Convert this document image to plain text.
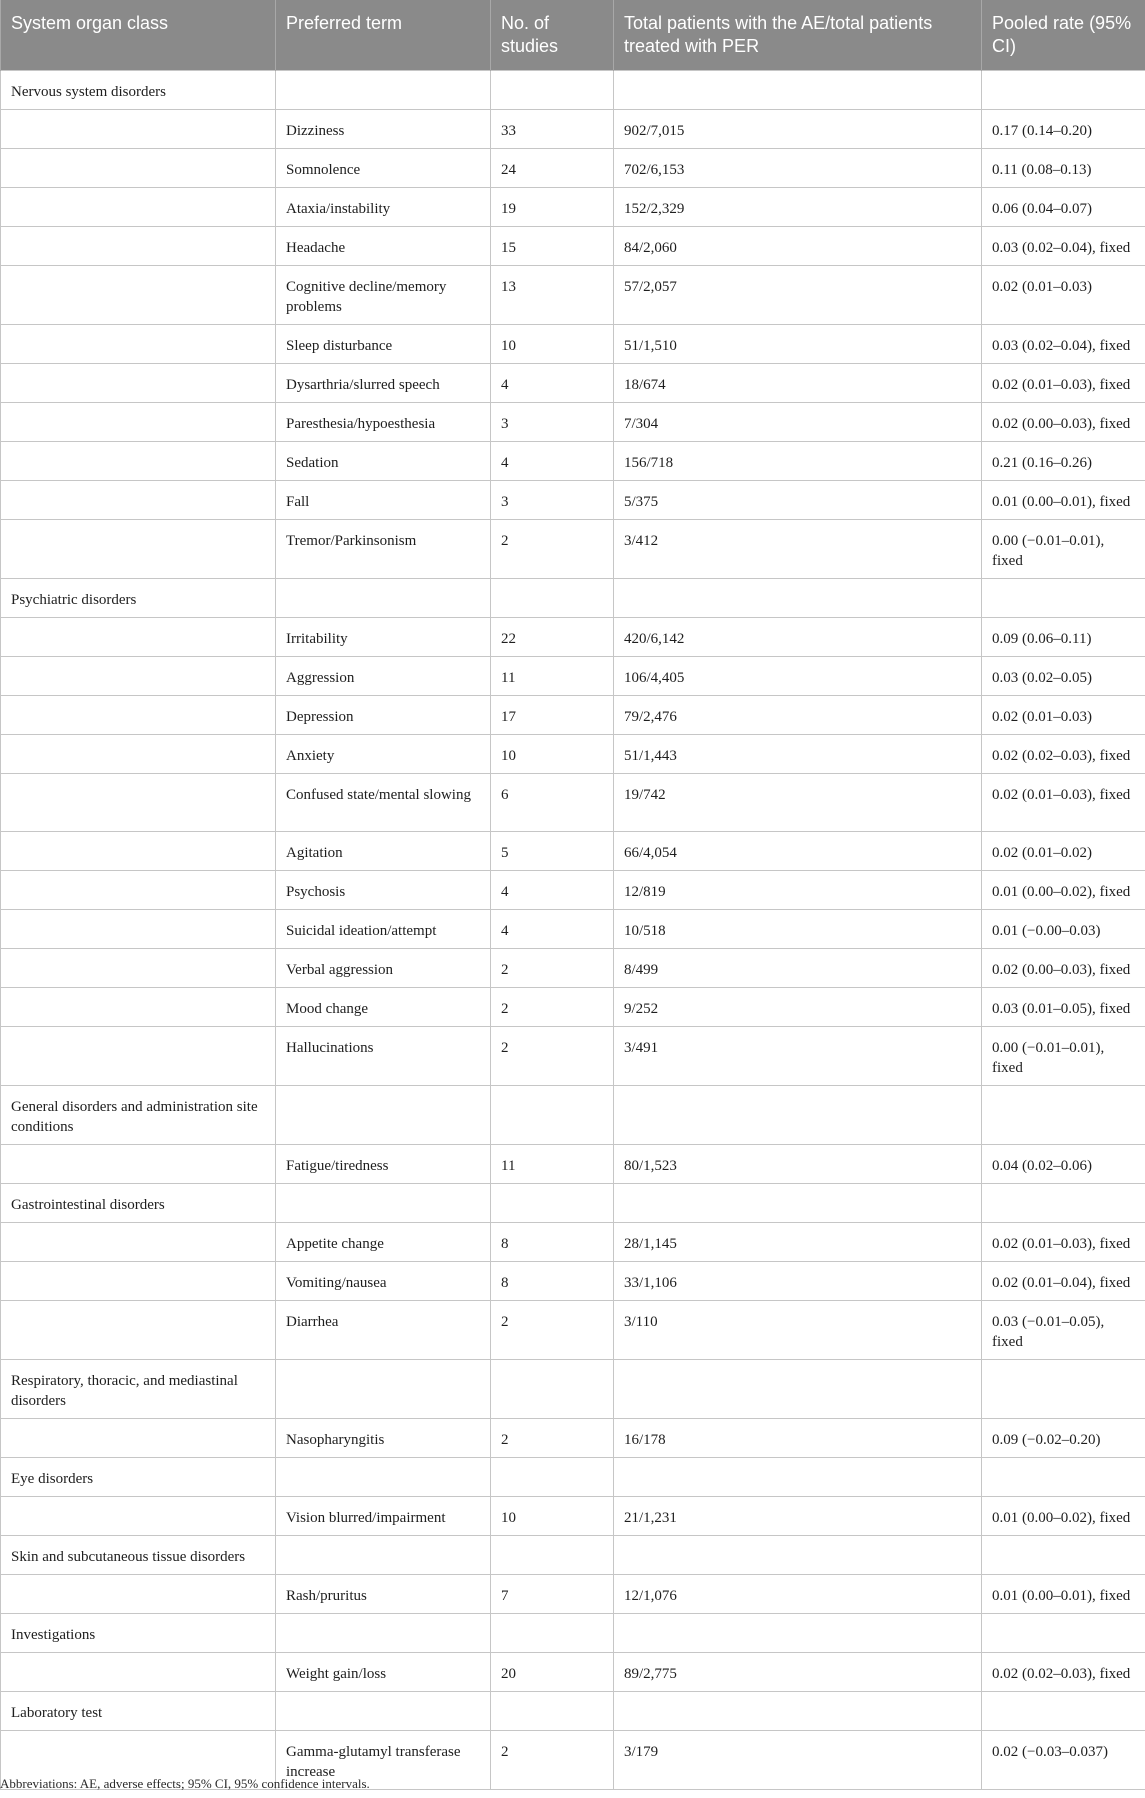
System organ class	Preferred term	No. of studies	Total patients with the AE/total patients treated with PER	Pooled rate (95% CI)
Nervous system disorders				
	Dizziness	33	902/7,015	0.17 (0.14–0.20)
	Somnolence	24	702/6,153	0.11 (0.08–0.13)
	Ataxia/instability	19	152/2,329	0.06 (0.04–0.07)
	Headache	15	84/2,060	0.03 (0.02–0.04), fixed
	Cognitive decline/memory problems	13	57/2,057	0.02 (0.01–0.03)
	Sleep disturbance	10	51/1,510	0.03 (0.02–0.04), fixed
	Dysarthria/slurred speech	4	18/674	0.02 (0.01–0.03), fixed
	Paresthesia/hypoesthesia	3	7/304	0.02 (0.00–0.03), fixed
	Sedation	4	156/718	0.21 (0.16–0.26)
	Fall	3	5/375	0.01 (0.00–0.01), fixed
	Tremor/Parkinsonism	2	3/412	0.00 (−0.01–0.01), fixed
Psychiatric disorders				
	Irritability	22	420/6,142	0.09 (0.06–0.11)
	Aggression	11	106/4,405	0.03 (0.02–0.05)
	Depression	17	79/2,476	0.02 (0.01–0.03)
	Anxiety	10	51/1,443	0.02 (0.02–0.03), fixed
	Confused state/mental slowing	6	19/742	0.02 (0.01–0.03), fixed
	Agitation	5	66/4,054	0.02 (0.01–0.02)
	Psychosis	4	12/819	0.01 (0.00–0.02), fixed
	Suicidal ideation/attempt	4	10/518	0.01 (−0.00–0.03)
	Verbal aggression	2	8/499	0.02 (0.00–0.03), fixed
	Mood change	2	9/252	0.03 (0.01–0.05), fixed
	Hallucinations	2	3/491	0.00 (−0.01–0.01), fixed
General disorders and administration site conditions				
	Fatigue/tiredness	11	80/1,523	0.04 (0.02–0.06)
Gastrointestinal disorders				
	Appetite change	8	28/1,145	0.02 (0.01–0.03), fixed
	Vomiting/nausea	8	33/1,106	0.02 (0.01–0.04), fixed
	Diarrhea	2	3/110	0.03 (−0.01–0.05), fixed
Respiratory, thoracic, and mediastinal disorders				
	Nasopharyngitis	2	16/178	0.09 (−0.02–0.20)
Eye disorders				
	Vision blurred/impairment	10	21/1,231	0.01 (0.00–0.02), fixed
Skin and subcutaneous tissue disorders				
	Rash/pruritus	7	12/1,076	0.01 (0.00–0.01), fixed
Investigations				
	Weight gain/loss	20	89/2,775	0.02 (0.02–0.03), fixed
Laboratory test				
	Gamma-glutamyl transferase increase	2	3/179	0.02 (−0.03–0.037)
Abbreviations: AE, adverse effects; 95% CI, 95% confidence intervals.
